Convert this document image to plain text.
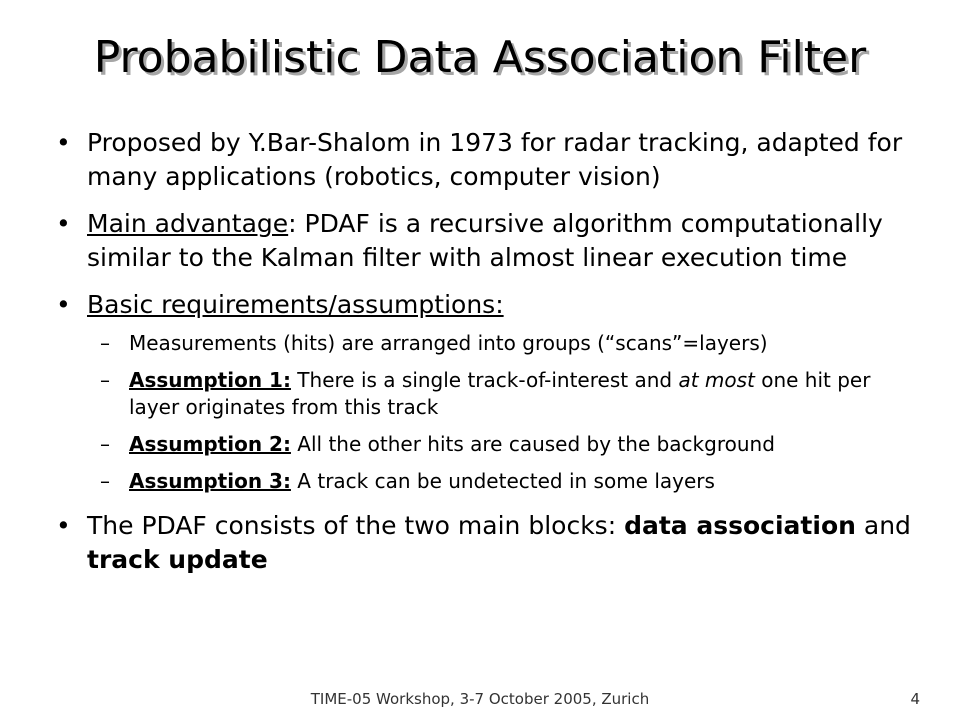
Probabilistic Data Association Filter
• Proposed by Y.Bar-Shalom in 1973 for radar tracking, adapted for many applications (robotics, computer vision)
• Main advantage: PDAF is a recursive algorithm computationally similar to the Kalman filter with almost linear execution time
• Basic requirements/assumptions:
– Measurements (hits) are arranged into groups (“scans”=layers)
– Assumption 1: There is a single track-of-interest and at most one hit per layer originates from this track
– Assumption 2: All the other hits are caused by the background
– Assumption 3: A track can be undetected in some layers
• The PDAF consists of the two main blocks: data association and track update
TIME-05 Workshop, 3-7 October 2005, Zurich	4
